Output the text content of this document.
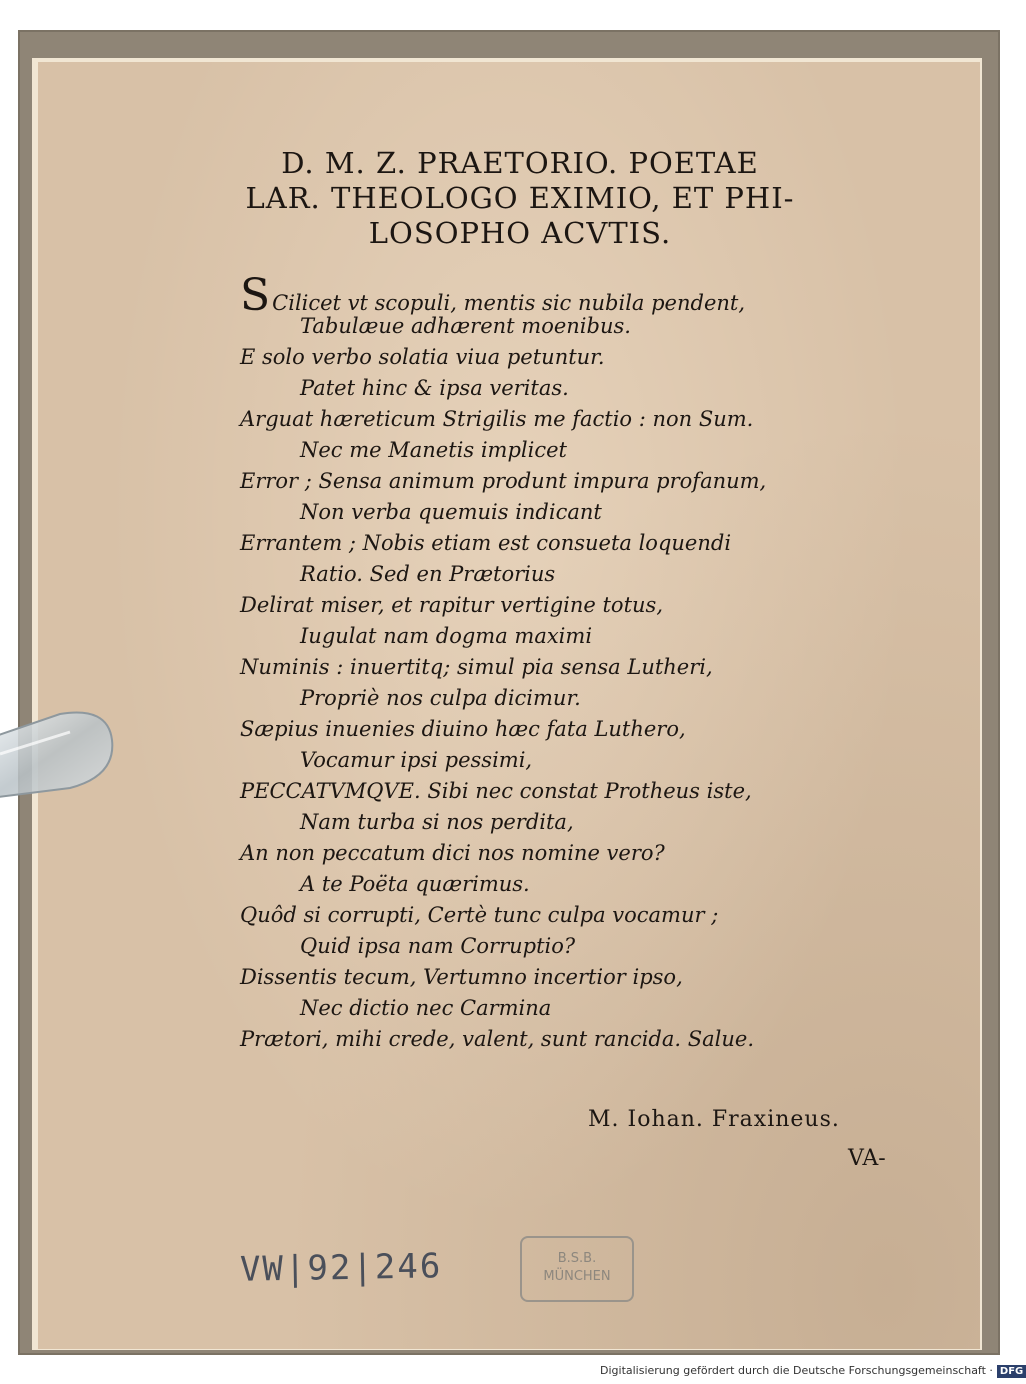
D. M. Z. PRAETORIO. POETAE
LAR. THEOLOGO EXIMIO, ET PHI-
LOSOPHO ACVTIS.
SCilicet vt scopuli, mentis sic nubila pendent,
Tabulæue adhærent moenibus.
E solo verbo solatia viua petuntur.
Patet hinc & ipsa veritas.
Arguat hæreticum Strigilis me factio : non Sum.
Nec me Manetis implicet
Error ; Sensa animum produnt impura profanum,
Non verba quemuis indicant
Errantem ; Nobis etiam est consueta loquendi
Ratio. Sed en Prætorius
Delirat miser, et rapitur vertigine totus,
Iugulat nam dogma maximi
Numinis : inuertitq; simul pia sensa Lutheri,
Propriè nos culpa dicimur.
Sæpius inuenies diuino hæc fata Luthero,
Vocamur ipsi pessimi,
PECCATVMQVE. Sibi nec constat Protheus iste,
Nam turba si nos perdita,
An non peccatum dici nos nomine vero?
A te Poëta quærimus.
Quôd si corrupti, Certè tunc culpa vocamur ;
Quid ipsa nam Corruptio?
Dissentis tecum, Vertumno incertior ipso,
Nec dictio nec Carmina
Prætori, mihi crede, valent, sunt rancida. Salue.
M. Iohan. Fraxineus.
VA-
VW|92|246	B.S.B.
MÜNCHEN
Digitalisierung gefördert durch die Deutsche Forschungsgemeinschaft · DFG
